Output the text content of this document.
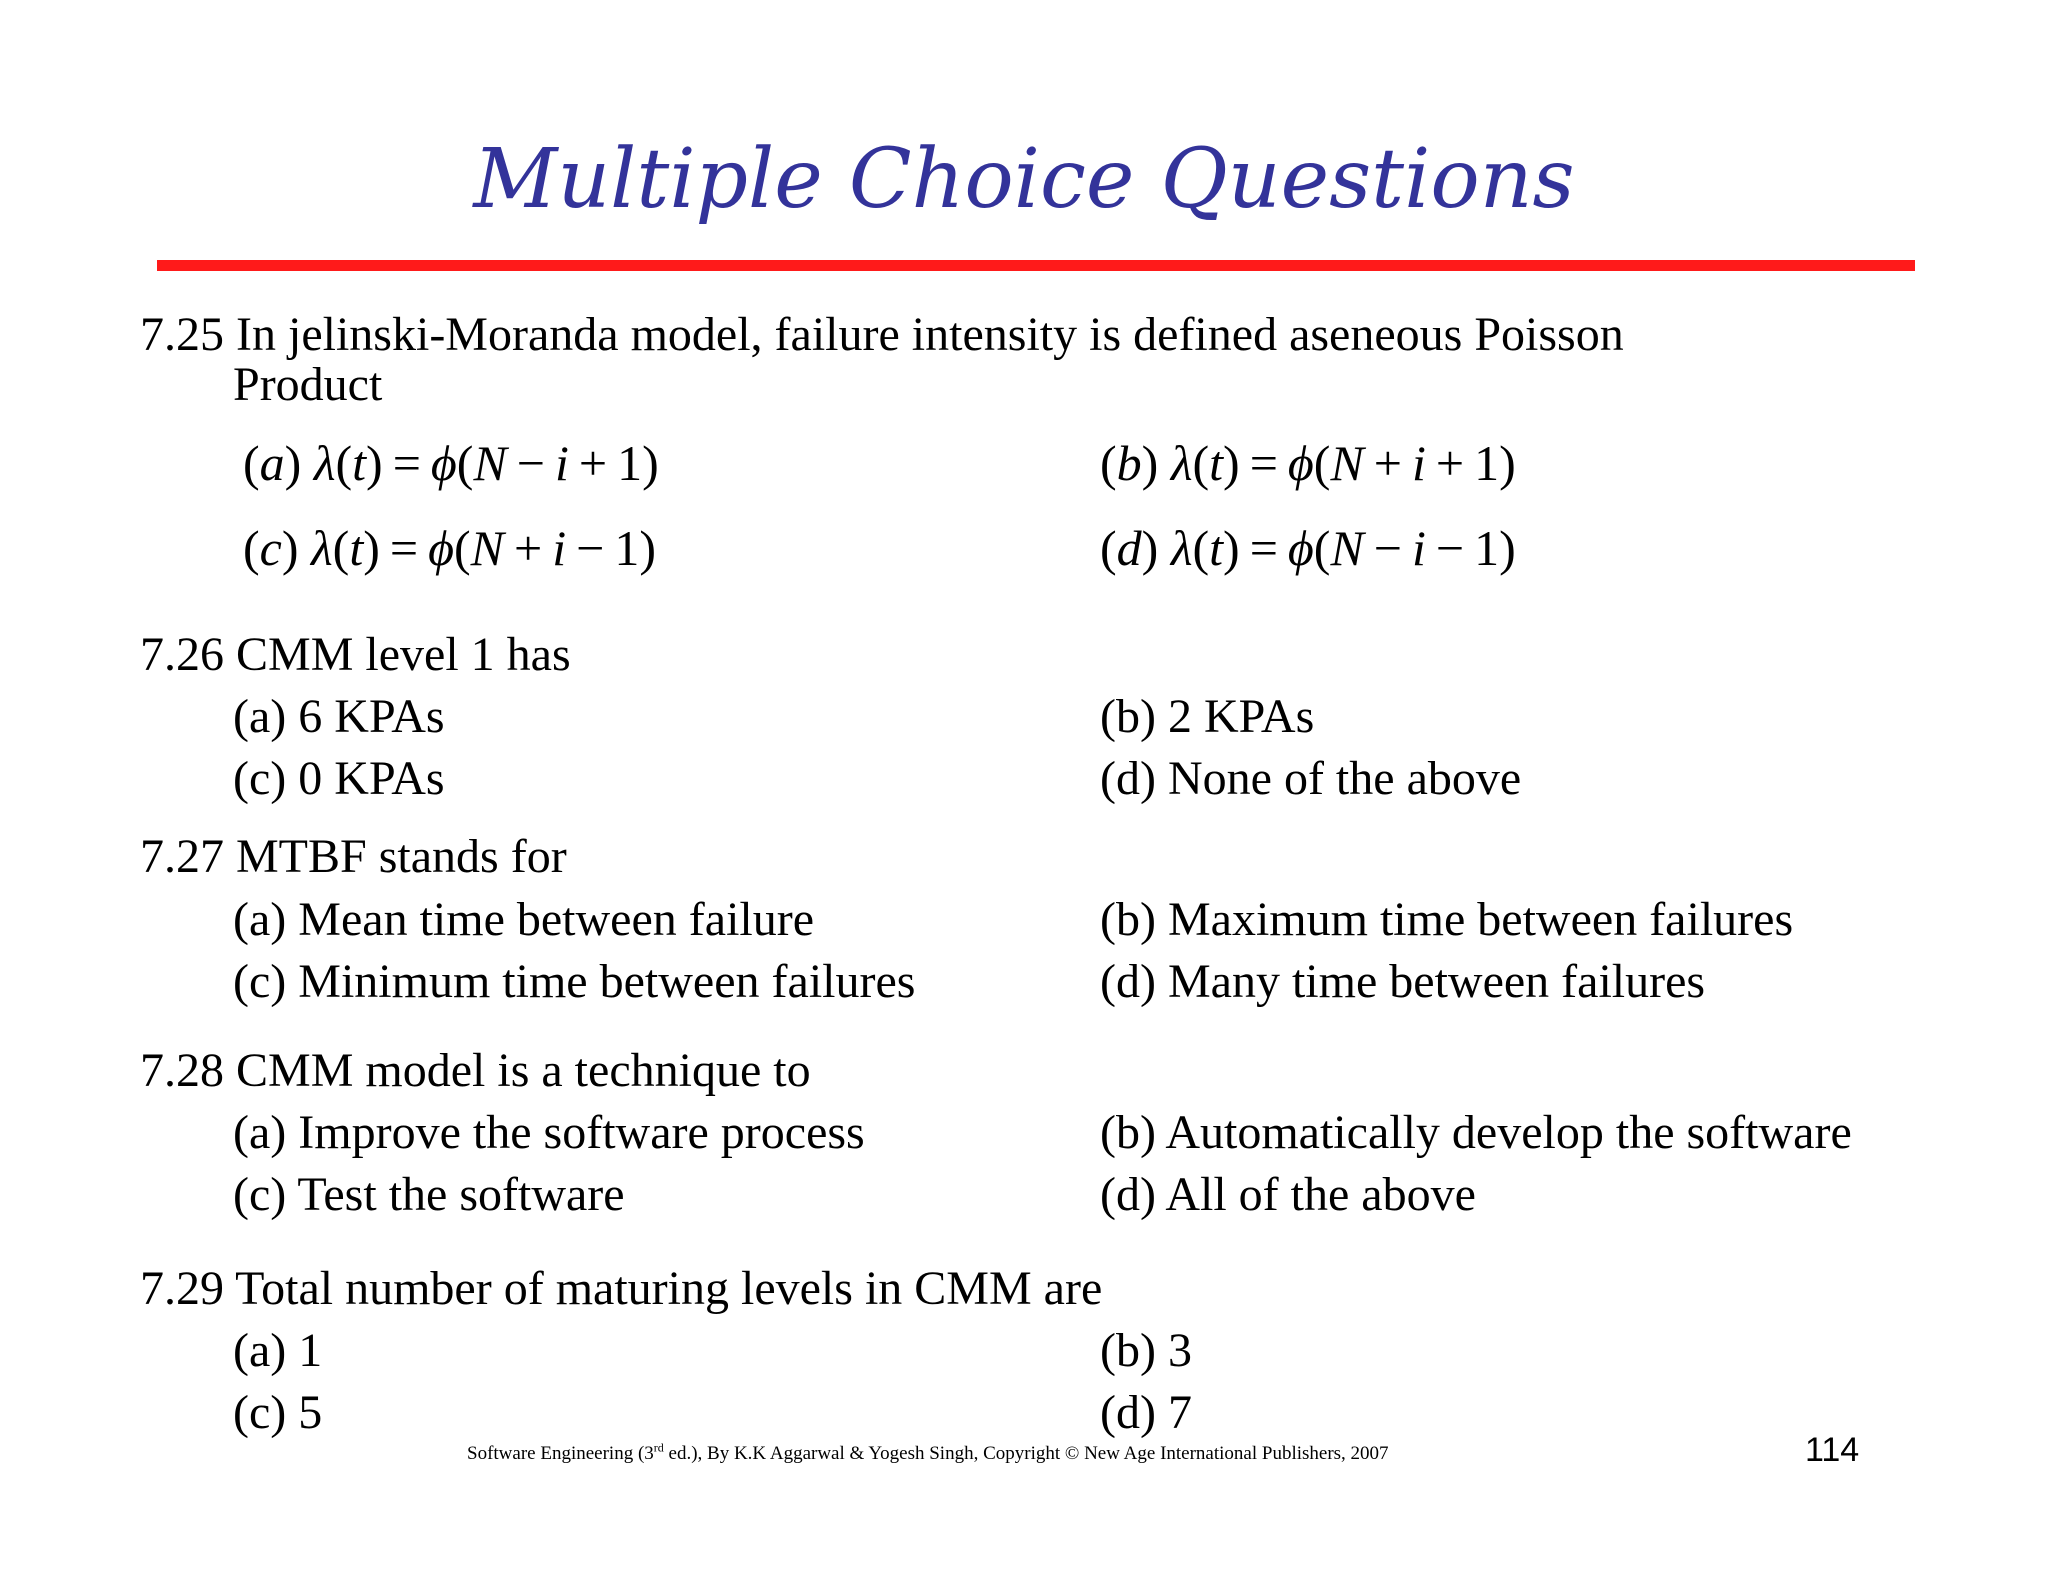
Multiple Choice Questions
7.25 In jelinski-Moranda model, failure intensity is defined aseneous Poisson
Product
(a) λ(t) = ϕ(N − i + 1)	(b) λ(t) = ϕ(N + i + 1)
(c) λ(t) = ϕ(N + i − 1)	(d) λ(t) = ϕ(N − i − 1)
7.26 CMM level 1 has
(a) 6 KPAs	(b) 2 KPAs
(c) 0 KPAs	(d) None of the above
7.27 MTBF stands for
(a) Mean time between failure	(b) Maximum time between failures
(c) Minimum time between failures	(d) Many time between failures
7.28 CMM model is a technique to
(a) Improve the software process	(b) Automatically develop the software
(c) Test the software	(d) All of the above
7.29 Total number of maturing levels in CMM are
(a) 1	(b) 3
(c) 5	(d) 7
Software Engineering (3rd ed.), By K.K Aggarwal & Yogesh Singh, Copyright © New Age International Publishers, 2007	114
